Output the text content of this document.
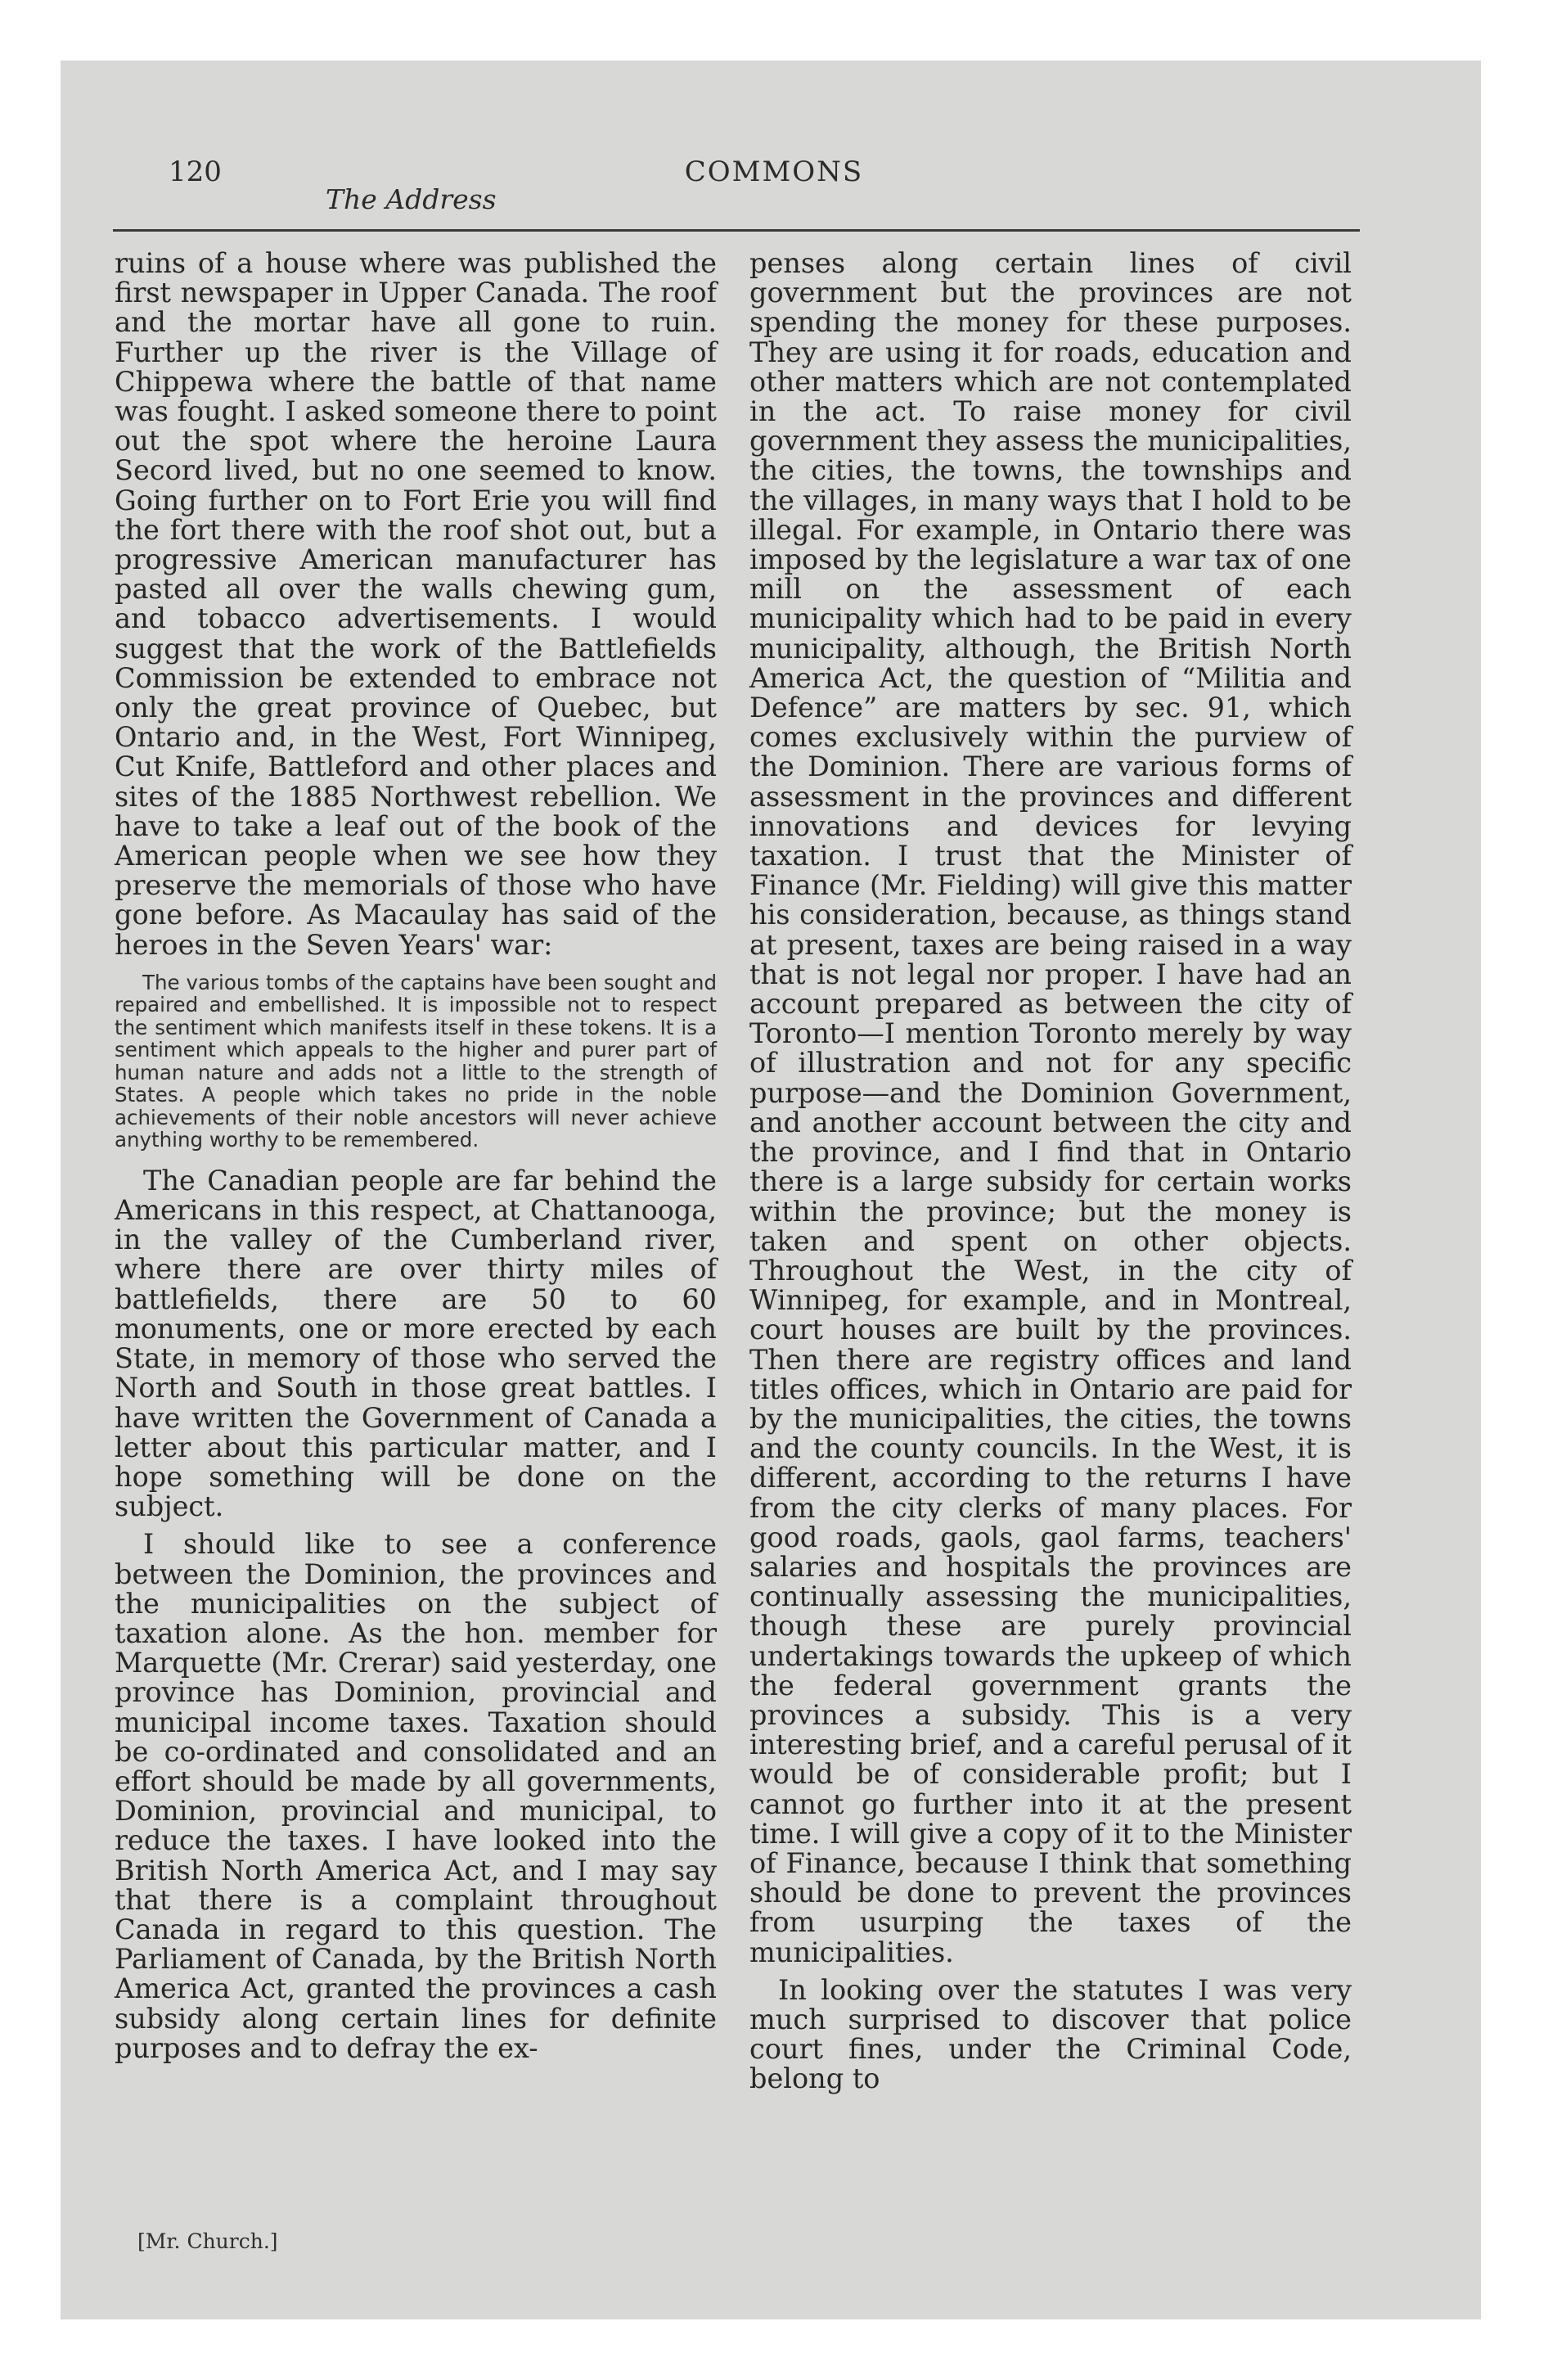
120	COMMONS
The Address

ruins of a house where was published the first newspaper in Upper Canada. The roof and the mortar have all gone to ruin. Further up the river is the Village of Chippewa where the battle of that name was fought. I asked someone there to point out the spot where the heroine Laura Secord lived, but no one seemed to know. Going further on to Fort Erie you will find the fort there with the roof shot out, but a progressive American manufacturer has pasted all over the walls chewing gum, and tobacco advertisements. I would suggest that the work of the Battlefields Commission be extended to embrace not only the great province of Quebec, but Ontario and, in the West, Fort Winnipeg, Cut Knife, Battleford and other places and sites of the 1885 Northwest rebellion. We have to take a leaf out of the book of the American people when we see how they preserve the memorials of those who have gone before. As Macaulay has said of the heroes in the Seven Years' war:

The various tombs of the captains have been sought and repaired and embellished. It is impossible not to respect the sentiment which manifests itself in these tokens. It is a sentiment which appeals to the higher and purer part of human nature and adds not a little to the strength of States. A people which takes no pride in the noble achievements of their noble ancestors will never achieve anything worthy to be remembered.

The Canadian people are far behind the Americans in this respect, at Chattanooga, in the valley of the Cumberland river, where there are over thirty miles of battlefields, there are 50 to 60 monuments, one or more erected by each State, in memory of those who served the North and South in those great battles. I have written the Government of Canada a letter about this particular matter, and I hope something will be done on the subject.

I should like to see a conference between the Dominion, the provinces and the municipalities on the subject of taxation alone. As the hon. member for Marquette (Mr. Crerar) said yesterday, one province has Dominion, provincial and municipal income taxes. Taxation should be co-ordinated and consolidated and an effort should be made by all governments, Dominion, provincial and municipal, to reduce the taxes. I have looked into the British North America Act, and I may say that there is a complaint throughout Canada in regard to this question. The Parliament of Canada, by the British North America Act, granted the provinces a cash subsidy along certain lines for definite purposes and to defray the ex-

penses along certain lines of civil government but the provinces are not spending the money for these purposes. They are using it for roads, education and other matters which are not contemplated in the act. To raise money for civil government they assess the municipalities, the cities, the towns, the townships and the villages, in many ways that I hold to be illegal. For example, in Ontario there was imposed by the legislature a war tax of one mill on the assessment of each municipality which had to be paid in every municipality, although, the British North America Act, the question of “Militia and Defence” are matters by sec. 91, which comes exclusively within the purview of the Dominion. There are various forms of assessment in the provinces and different innovations and devices for levying taxation. I trust that the Minister of Finance (Mr. Fielding) will give this matter his consideration, because, as things stand at present, taxes are being raised in a way that is not legal nor proper. I have had an account prepared as between the city of Toronto—I mention Toronto merely by way of illustration and not for any specific purpose—and the Dominion Government, and another account between the city and the province, and I find that in Ontario there is a large subsidy for certain works within the province; but the money is taken and spent on other objects. Throughout the West, in the city of Winnipeg, for example, and in Montreal, court houses are built by the provinces. Then there are registry offices and land titles offices, which in Ontario are paid for by the municipalities, the cities, the towns and the county councils. In the West, it is different, according to the returns I have from the city clerks of many places. For good roads, gaols, gaol farms, teachers' salaries and hospitals the provinces are continually assessing the municipalities, though these are purely provincial undertakings towards the upkeep of which the federal government grants the provinces a subsidy. This is a very interesting brief, and a careful perusal of it would be of considerable profit; but I cannot go further into it at the present time. I will give a copy of it to the Minister of Finance, because I think that something should be done to prevent the provinces from usurping the taxes of the municipalities.

In looking over the statutes I was very much surprised to discover that police court fines, under the Criminal Code, belong to

[Mr. Church.]
